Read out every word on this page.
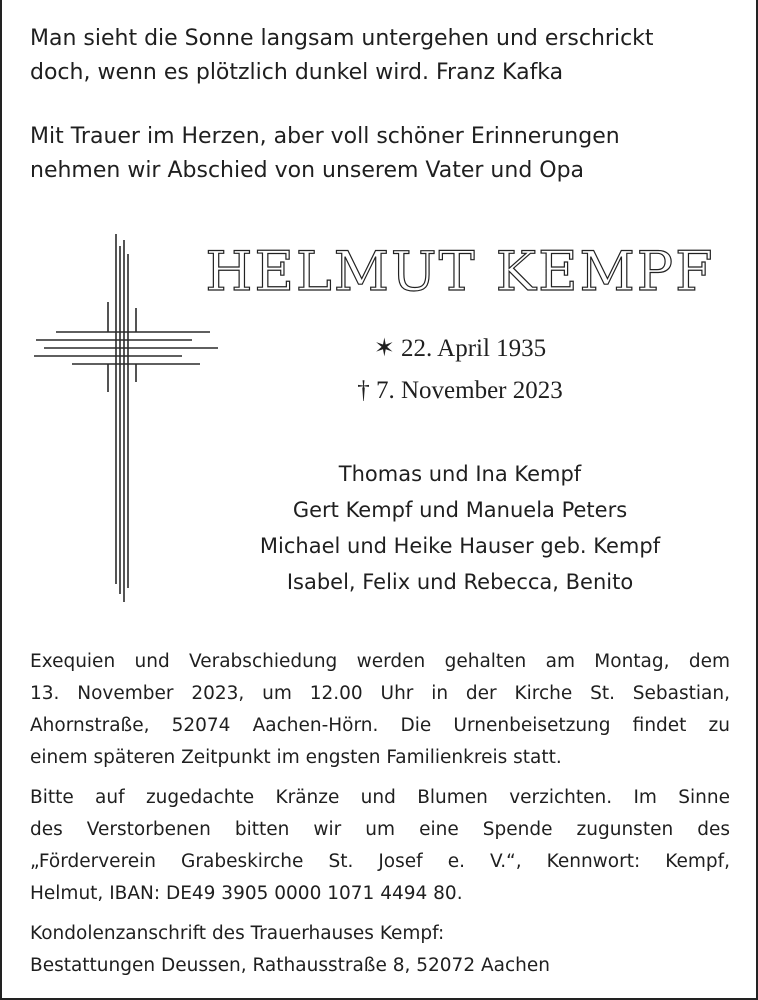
Man sieht die Sonne langsam untergehen und erschrickt
doch, wenn es plötzlich dunkel wird. Franz Kafka
Mit Trauer im Herzen, aber voll schöner Erinnerungen
nehmen wir Abschied von unserem Vater und Opa
HELMUT KEMPF
✶ 22. April 1935
† 7. November 2023
Thomas und Ina Kempf
Gert Kempf und Manuela Peters
Michael und Heike Hauser geb. Kempf
Isabel, Felix und Rebecca, Benito

Exequien und Verabschiedung werden gehalten am Montag, dem
13. November 2023, um 12.00 Uhr in der Kirche St. Sebastian,
Ahornstraße, 52074 Aachen-Hörn. Die Urnenbeisetzung findet zu
einem späteren Zeitpunkt im engsten Familienkreis statt.

Bitte auf zugedachte Kränze und Blumen verzichten. Im Sinne
des Verstorbenen bitten wir um eine Spende zugunsten des
„Förderverein Grabeskirche St. Josef e. V.“, Kennwort: Kempf,
Helmut, IBAN: DE49 3905 0000 1071 4494 80.

Kondolenzanschrift des Trauerhauses Kempf:
Bestattungen Deussen, Rathausstraße 8, 52072 Aachen
